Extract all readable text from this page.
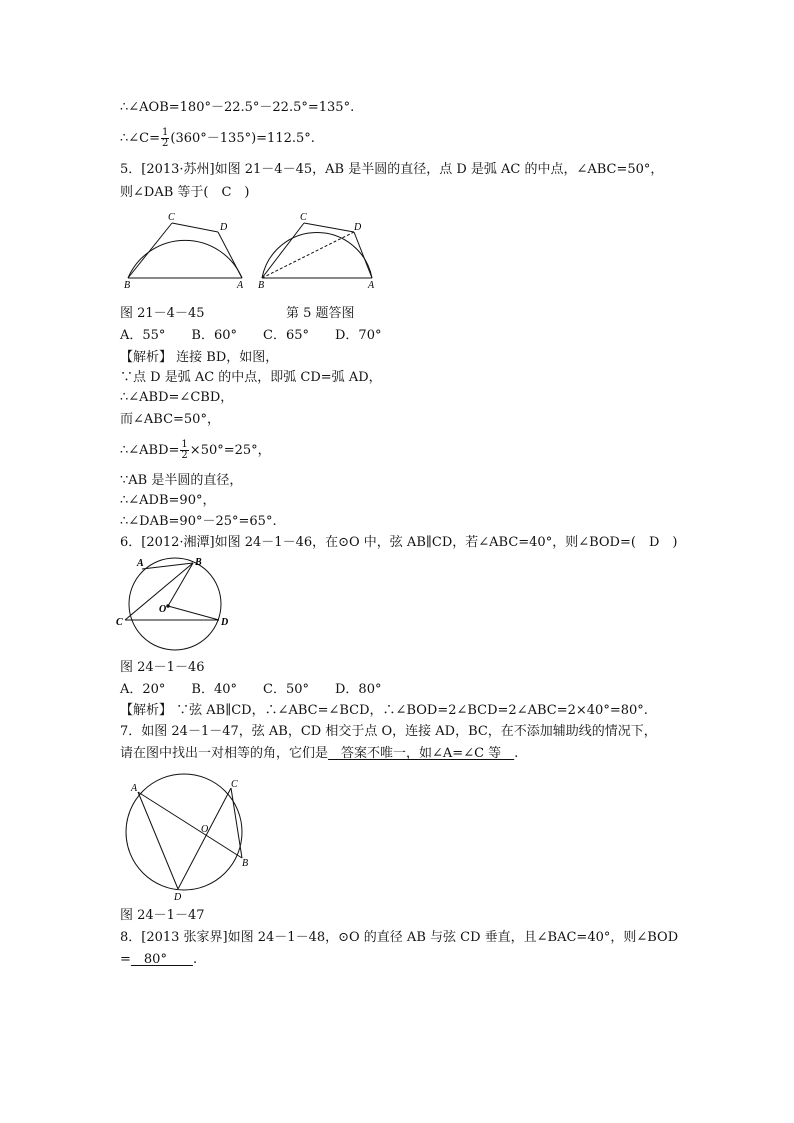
∴∠AOB=180°－22.5°－22.5°=135°.
∴∠C= $\frac{1}{2} (360^\circ-135^\circ)=112.5^\circ$.
5．[2013·苏州]如图 21－4－45，AB 是半圆的直径，点 D 是弧 AC 的中点，∠ABC=50°，
则∠DAB 等于(　C　)
C
D
B	A
C
D
B	A
图 21－4－45	第 5 题答图
A．55°　　B．60°　　C．65°　　D．70°
【解析】 连接 BD，如图，
∵点 D 是弧 AC 的中点，即弧 CD=弧 AD，
∴∠ABD=∠CBD，
而∠ABC=50°，
∴∠ABD= $\frac{1}{2} \times 50^\circ=25^\circ$，
∵AB 是半圆的直径，
∴∠ADB=90°，
∴∠DAB=90°－25°=65°.
6．[2012·湘潭]如图 24－1－46，在⊙O 中，弦 AB∥CD，若∠ABC=40°，则∠BOD=(　D　)
A	B
O
C	D
图 24－1－46
A．20°　　B．40°　　C．50°　　D．80°
【解析】 ∵弦 AB∥CD，∴∠ABC=∠BCD，∴∠BOD=2∠BCD=2∠ABC=2×40°=80°.
7．如图 24－1－47，弦 AB，CD 相交于点 O，连接 AD，BC，在不添加辅助线的情况下，
请在图中找出一对相等的角，它们是　答案不唯一，如∠A=∠C 等　.
A	C
O
B
D
图 24－1－47
8．[2013 张家界]如图 24－1－48，⊙O 的直径 AB 与弦 CD 垂直，且∠BAC=40°，则∠BOD
=　80°　　.
